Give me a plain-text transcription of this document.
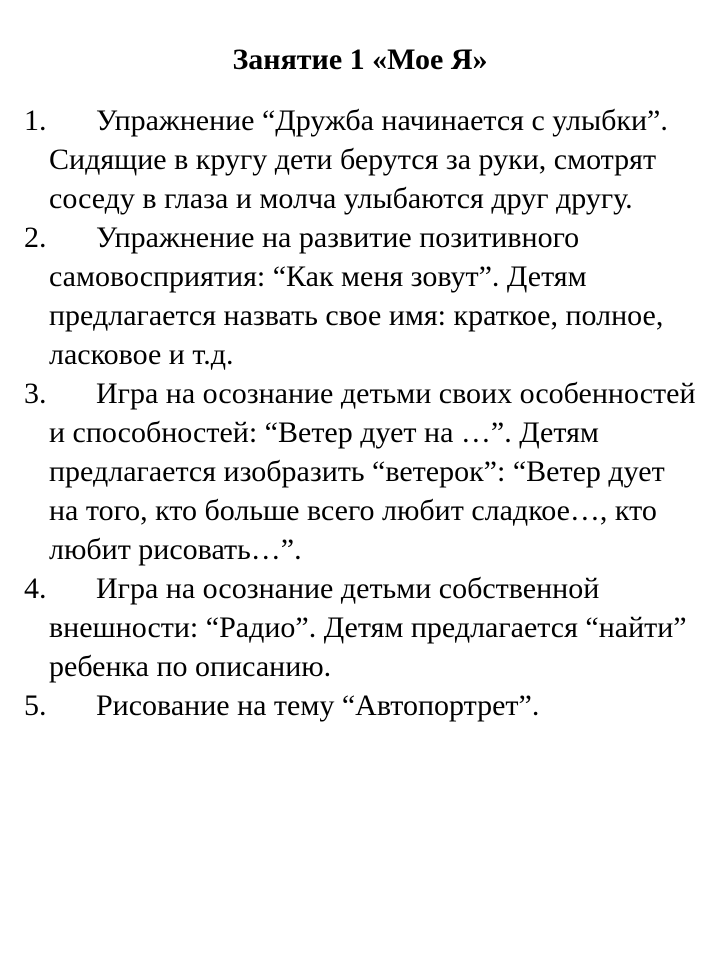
Занятие 1 «Мое Я»
1. Упражнение “Дружба начинается с улыбки”. Сидящие в кругу дети берутся за руки, смотрят соседу в глаза и молча улыбаются друг другу.
2. Упражнение на развитие позитивного самовосприятия: “Как меня зовут”. Детям предлагается назвать свое имя: краткое, полное, ласковое и т.д.
3. Игра на осознание детьми своих особенностей и способностей: “Ветер дует на …”. Детям предлагается изобразить “ветерок”: “Ветер дует на того, кто больше всего любит сладкое…, кто любит рисовать…”.
4. Игра на осознание детьми собственной внешности: “Радио”. Детям предлагается “найти” ребенка по описанию.
5. Рисование на тему “Автопортрет”.
